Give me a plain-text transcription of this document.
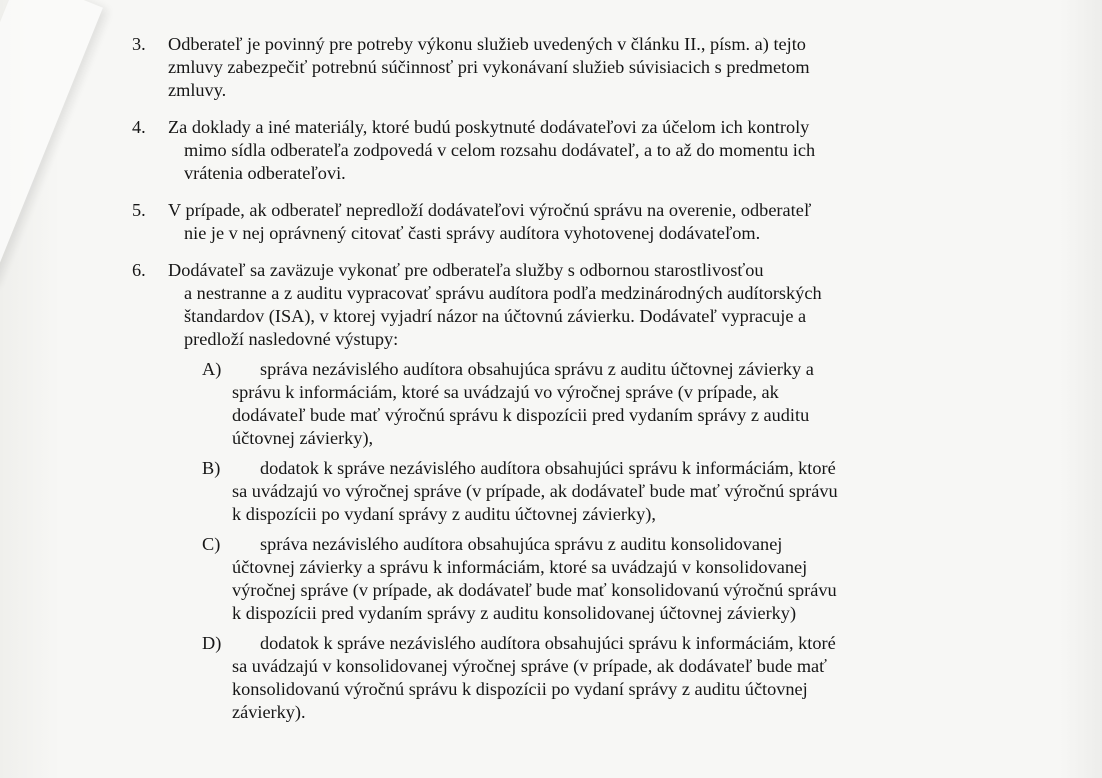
3.	Odberateľ je povinný pre potreby výkonu služieb uvedených v článku II., písm. a) tejto
zmluvy zabezpečiť potrebnú súčinnosť pri vykonávaní služieb súvisiacich s predmetom
zmluvy.
4.	Za doklady a iné materiály, ktoré budú poskytnuté dodávateľovi za účelom ich kontroly
mimo sídla odberateľa zodpovedá v celom rozsahu dodávateľ, a to až do momentu ich
vrátenia odberateľovi.
5.	V prípade, ak odberateľ nepredloží dodávateľovi výročnú správu na overenie, odberateľ
nie je v nej oprávnený citovať časti správy audítora vyhotovenej dodávateľom.
6.	Dodávateľ sa zaväzuje vykonať pre odberateľa služby s odbornou starostlivosťou
a nestranne a z auditu vypracovať správu audítora podľa medzinárodných audítorských
štandardov (ISA), v ktorej vyjadrí názor na účtovnú závierku. Dodávateľ vypracuje a
predloží nasledovné výstupy:
A)	správa nezávislého audítora obsahujúca správu z auditu účtovnej závierky a
správu k informáciám, ktoré sa uvádzajú vo výročnej správe (v prípade, ak
dodávateľ bude mať výročnú správu k dispozícii pred vydaním správy z auditu
účtovnej závierky),
B)	dodatok k správe nezávislého audítora obsahujúci správu k informáciám, ktoré
sa uvádzajú vo výročnej správe (v prípade, ak dodávateľ bude mať výročnú správu
k dispozícii po vydaní správy z auditu účtovnej závierky),
C)	správa nezávislého audítora obsahujúca správu z auditu konsolidovanej
účtovnej závierky a správu k informáciám, ktoré sa uvádzajú v konsolidovanej
výročnej správe (v prípade, ak dodávateľ bude mať konsolidovanú výročnú správu
k dispozícii pred vydaním správy z auditu konsolidovanej účtovnej závierky)
D)	dodatok k správe nezávislého audítora obsahujúci správu k informáciám, ktoré
sa uvádzajú v konsolidovanej výročnej správe (v prípade, ak dodávateľ bude mať
konsolidovanú výročnú správu k dispozícii po vydaní správy z auditu účtovnej
závierky).
